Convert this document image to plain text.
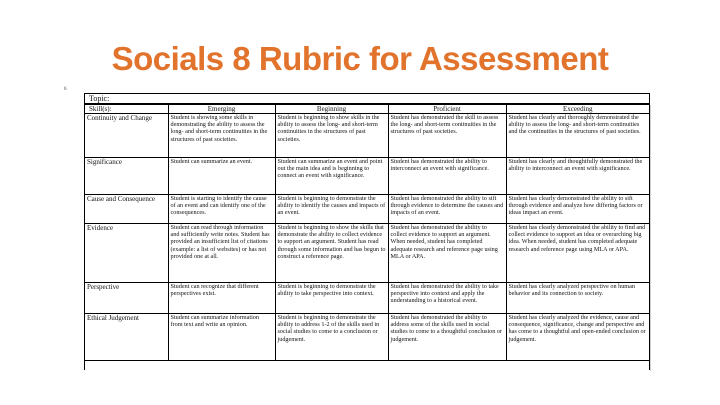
Socials 8 Rubric for Assessment
6
Topic:
Skill(s):	Emerging	Beginning	Proficient	Exceeding
Continuity and Change	Student is showing some skills in demonstrating the ability to assess the long- and short-term continuities in the structures of past societies.	Student is beginning to show skills in the ability to assess the long- and short-term continuities in the structures of past societies.	Student has demonstrated the skill to assess the long- and short-term continuities in the structures of past societies.	Student has clearly and thoroughly demonstrated the ability to assess the long- and short-term continuities and the continuities in the structures of past societies.
Significance	Student can summarize an event.	Student can summarize an event and point out the main idea and is beginning to connect an event with significance.	Student has demonstrated the ability to interconnect an event with significance.	Student has clearly and thoughtfully demonstrated the ability to interconnect an event with significance.
Cause and Consequence	Student is starting to identify the cause of an event and can identify one of the consequences.	Student is beginning to demonstrate the ability to identify the causes and impacts of an event.	Student has demonstrated the ability to sift through evidence to determine the causes and impacts of an event.	Student has clearly demonstrated the ability to sift through evidence and analyze how differing factors or ideas impact an event.
Evidence	Student can read through information and sufficiently write notes. Student has provided an insufficient list of citations (example: a list of websites) or has not provided one at all.	Student is beginning to show the skills that demonstrate the ability to collect evidence to support an argument. Student has read through some information and has begun to construct a reference page.	Student has demonstrated the ability to collect evidence to support an argument. When needed, student has completed adequate research and reference page using MLA or APA.	Student has clearly demonstrated the ability to find and collect evidence to support an idea or overarching big idea. When needed, student has completed adequate research and reference page using MLA or APA.
Perspective	Student can recognize that different perspectives exist.	Student is beginning to demonstrate the ability to take perspective into context.	Student has demonstrated the ability to take perspective into context and apply the understanding to a historical event.	Student has clearly analyzed perspective on human behavior and its connection to society.
Ethical Judgement	Student can summarize information from text and write an opinion.	Student is beginning to demonstrate the ability to address 1-2 of the skills used in social studies to come to a conclusion or judgement.	Student has demonstrated the ability to address some of the skills used in social studies to come to a thoughtful conclusion or judgement.	Student has clearly analyzed the evidence, cause and consequence, significance, change and perspective and has come to a thoughtful and open-ended conclusion or judgement.
